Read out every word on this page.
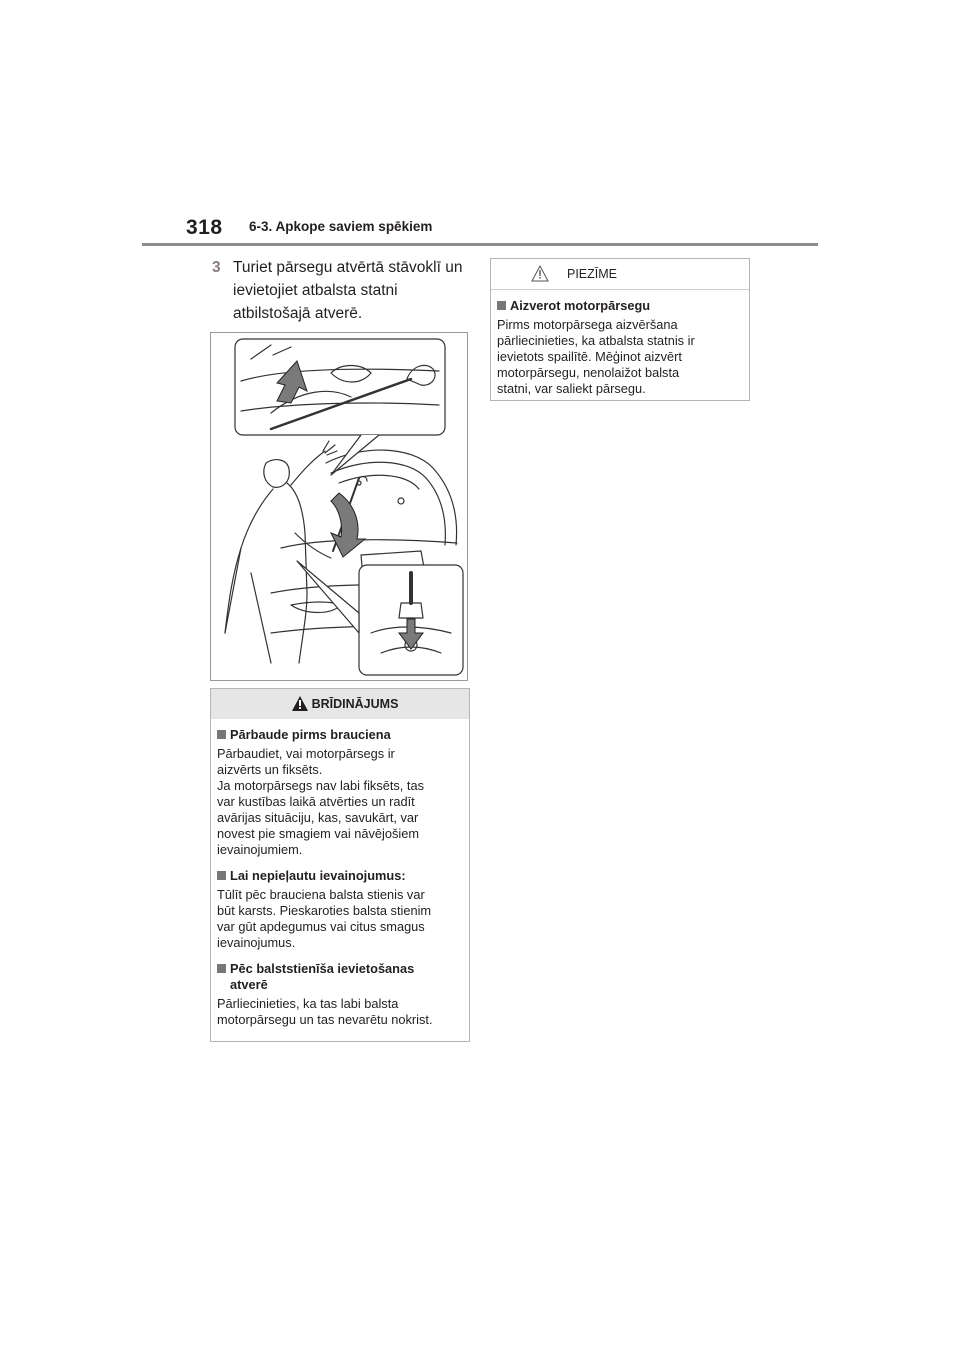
318 6-3. Apkope saviem spēkiem
3 Turiet pārsegu atvērtā stāvoklī un ievietojiet atbalsta statni atbilstošajā atverē.
BRĪDINĀJUMS
Pārbaude pirms brauciena
Pārbaudiet, vai motorpārsegs ir
aizvērts un fiksēts.
Ja motorpārsegs nav labi fiksēts, tas
var kustības laikā atvērties un radīt
avārijas situāciju, kas, savukārt, var
novest pie smagiem vai nāvējošiem
ievainojumiem.
Lai nepieļautu ievainojumus:
Tūlīt pēc brauciena balsta stienis var
būt karsts. Pieskaroties balsta stienim
var gūt apdegumus vai citus smagus
ievainojumus.
Pēc balststienīša ievietošanas
atverē
Pārliecinieties, ka tas labi balsta
motorpārsegu un tas nevarētu nokrist.
PIEZĪME
Aizverot motorpārsegu
Pirms motorpārsega aizvēršana
pārliecinieties, ka atbalsta statnis ir
ievietots spailītē. Mēģinot aizvērt
motorpārsegu, nenolaižot balsta
statni, var saliekt pārsegu.
